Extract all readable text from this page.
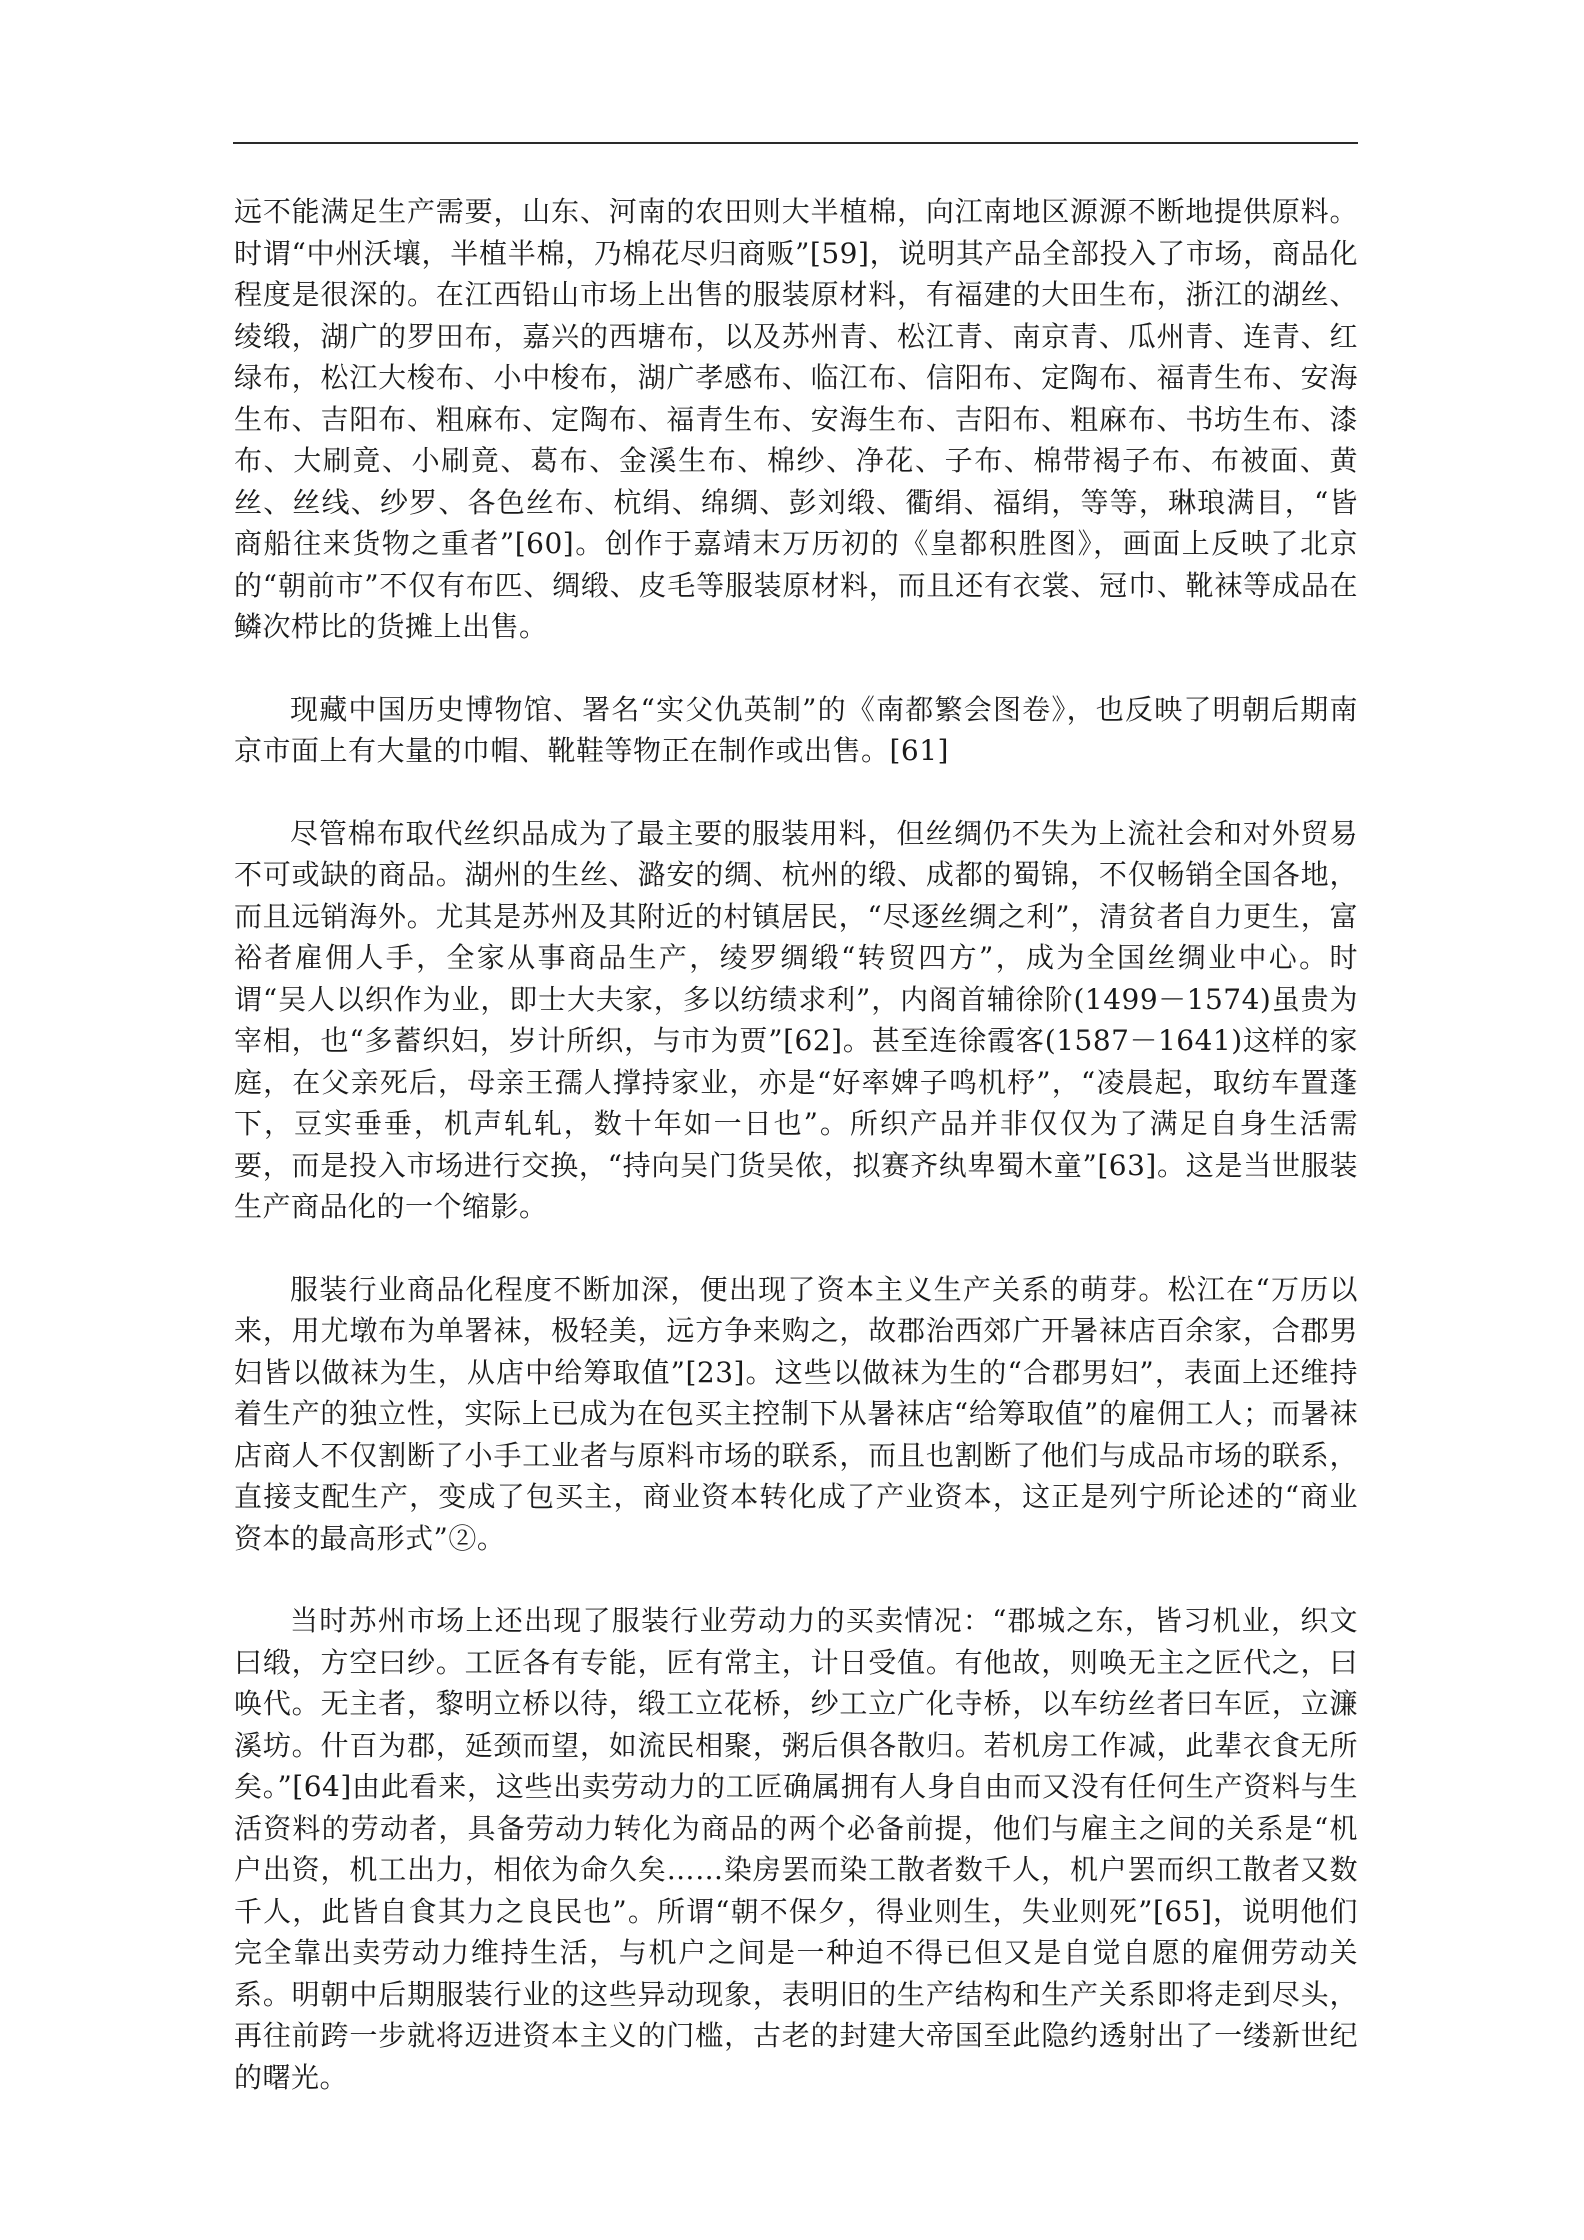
远不能满足生产需要，山东、河南的农田则大半植棉，向江南地区源源不断地提供原料。时谓“中州沃壤，半植半棉，乃棉花尽归商贩”[59]，说明其产品全部投入了市场，商品化程度是很深的。在江西铅山市场上出售的服装原材料，有福建的大田生布，浙江的湖丝、绫缎，湖广的罗田布，嘉兴的西塘布，以及苏州青、松江青、南京青、瓜州青、连青、红绿布，松江大梭布、小中梭布，湖广孝感布、临江布、信阳布、定陶布、福青生布、安海生布、吉阳布、粗麻布、定陶布、福青生布、安海生布、吉阳布、粗麻布、书坊生布、漆布、大刷竟、小刷竟、葛布、金溪生布、棉纱、净花、子布、棉带褐子布、布被面、黄丝、丝线、纱罗、各色丝布、杭绢、绵绸、彭刘缎、衢绢、福绢，等等，琳琅满目，“皆商船往来货物之重者”[60]。创作于嘉靖末万历初的《皇都积胜图》，画面上反映了北京的“朝前市”不仅有布匹、绸缎、皮毛等服装原材料，而且还有衣裳、冠巾、靴袜等成品在鳞次栉比的货摊上出售。

现藏中国历史博物馆、署名“实父仇英制”的《南都繁会图卷》，也反映了明朝后期南京市面上有大量的巾帽、靴鞋等物正在制作或出售。[61]

尽管棉布取代丝织品成为了最主要的服装用料，但丝绸仍不失为上流社会和对外贸易不可或缺的商品。湖州的生丝、潞安的绸、杭州的缎、成都的蜀锦，不仅畅销全国各地，而且远销海外。尤其是苏州及其附近的村镇居民，“尽逐丝绸之利”，清贫者自力更生，富裕者雇佣人手，全家从事商品生产，绫罗绸缎“转贸四方”，成为全国丝绸业中心。时谓“吴人以织作为业，即士大夫家，多以纺绩求利”，内阁首辅徐阶(1499－1574)虽贵为宰相，也“多蓄织妇，岁计所织，与市为贾”[62]。甚至连徐霞客(1587－1641)这样的家庭，在父亲死后，母亲王孺人撑持家业，亦是“好率婢子鸣机杼”，“凌晨起，取纺车置蓬下，豆实垂垂，机声轧轧，数十年如一日也”。所织产品并非仅仅为了满足自身生活需要，而是投入市场进行交换，“持向吴门货吴侬，拟赛齐纨卑蜀木童”[63]。这是当世服装生产商品化的一个缩影。

服装行业商品化程度不断加深，便出现了资本主义生产关系的萌芽。松江在“万历以来，用尤墩布为单署袜，极轻美，远方争来购之，故郡治西郊广开暑袜店百余家，合郡男妇皆以做袜为生，从店中给筹取值”[23]。这些以做袜为生的“合郡男妇”，表面上还维持着生产的独立性，实际上已成为在包买主控制下从暑袜店“给筹取值”的雇佣工人；而暑袜店商人不仅割断了小手工业者与原料市场的联系，而且也割断了他们与成品市场的联系，直接支配生产，变成了包买主，商业资本转化成了产业资本，这正是列宁所论述的“商业资本的最高形式”②。

当时苏州市场上还出现了服装行业劳动力的买卖情况：“郡城之东，皆习机业，织文曰缎，方空曰纱。工匠各有专能，匠有常主，计日受值。有他故，则唤无主之匠代之，曰唤代。无主者，黎明立桥以待，缎工立花桥，纱工立广化寺桥，以车纺丝者曰车匠，立濂溪坊。什百为郡，延颈而望，如流民相聚，粥后俱各散归。若机房工作减，此辈衣食无所矣。”[64]由此看来，这些出卖劳动力的工匠确属拥有人身自由而又没有任何生产资料与生活资料的劳动者，具备劳动力转化为商品的两个必备前提，他们与雇主之间的关系是“机户出资，机工出力，相依为命久矣……染房罢而染工散者数千人，机户罢而织工散者又数千人，此皆自食其力之良民也”。所谓“朝不保夕，得业则生，失业则死”[65]，说明他们完全靠出卖劳动力维持生活，与机户之间是一种迫不得已但又是自觉自愿的雇佣劳动关系。明朝中后期服装行业的这些异动现象，表明旧的生产结构和生产关系即将走到尽头，再往前跨一步就将迈进资本主义的门槛，古老的封建大帝国至此隐约透射出了一缕新世纪的曙光。
